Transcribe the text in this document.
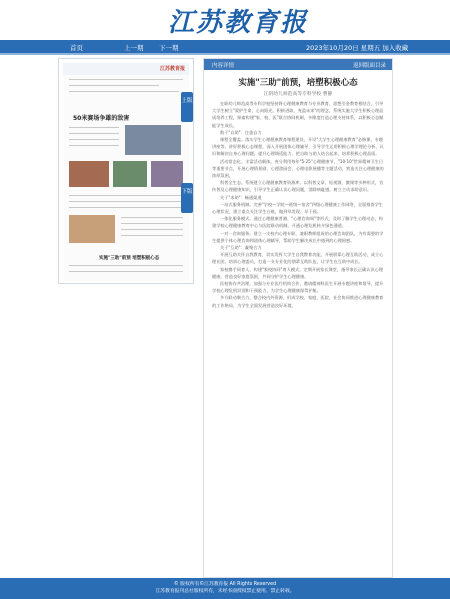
江苏教育报
首页	上一期 下一期	2023年10月20日 星期五 加入收藏
江苏教育报
50米赛场争雄的敌害
实施"三助"前预 培塑积极心态
上版
下版
内容详情	返回版面目录
实施"三助"前预，培塑积极心态
江阴幼儿师范高等专科学校 曹静

在职幼儿师范高等专科学校坚持将心理健康教育与专业教育、思想引金教育相结合，引导大学生树立"爱护生命、心向阳光、积极进取、充盈未来"的理念，系统实施大学生积极心理品质培养工程，探索构建"家、校、医"联合协同机制，多维度打造心理支持体系，以积极心态赋能学生成长。

数于"自助"：注重自力

课程全覆盖。落实学生心理健康教育课程建设，开设"大学生心理健康教育"必修课、专题讲座等。讲好积极心态课程，深入开展团体心理辅导，引导学生运用积极心理学理论分析、认识和解决自身心理问题，提升心理调适能力，把自助与助人结合起来，培养积极心理品质。

活动常态化。丰富活动载体。充分利用每年"5·25"心理健康节、"10·10"世界精神卫生日等重要节点，开展心理情景剧、心理游园会、心理电影展播等主题活动，营造关注心理健康的浓厚氛围。

科普全生态。系统建立心理健康教育资源库，以科普文章、短视频、微课等多种形式，宣传普及心理健康知识，引导学生正确认识心理问题，消除病耻感，树立主动求助意识。

关于"求助"：畅通渠道

一站式服务机制。完善"学校—学院—班级—宿舍"四级心理健康工作网络，全面排查学生心理状况，建立重点关注学生台账，做到早发现、早干预。

一体化服务模式。通过心理健康普测、"心理咨询周"等形式，及时了解学生心理动态，构建学校心理健康教育中心与医院联动机制，开通心理危机转介绿色通道。

一对一咨询服务。建立一支校内心理专职、兼职教师组成的心理咨询团队，为有需要的学生提供个体心理咨询和团体心理辅导，帮助学生解决成长中遇到的心理困惑。

关于"互助"：凝聚合力

开展互助关怀自我教育，切实发挥大学生自我教育功能，开展朋辈心理互助活动，成立心理社团，培训心理委员，打造一支专业化的朋辈互助队伍，让学生在互助中成长。

家校携手同育人，构建"家校协同"育人模式，定期开展家长课堂，指导家长正确认识心理健康，营造良好家庭氛围，共同守护学生心理健康。

医校协作共治理，加强与专业医疗机构合作，邀请精神科医生开展专题讲座和督导，提升学校心理危机识别和干预能力，为学生心理健康保驾护航。

多方联动聚合力，整合校内外资源，形成学校、家庭、医院、社会协同推进心理健康教育的工作格局，为学生全面发展营造良好环境。

© 版权所有©江苏教育报 All Rights Reserved
江苏教育报刊总社版权所有，未经书面授权禁止使用、禁止转载。
